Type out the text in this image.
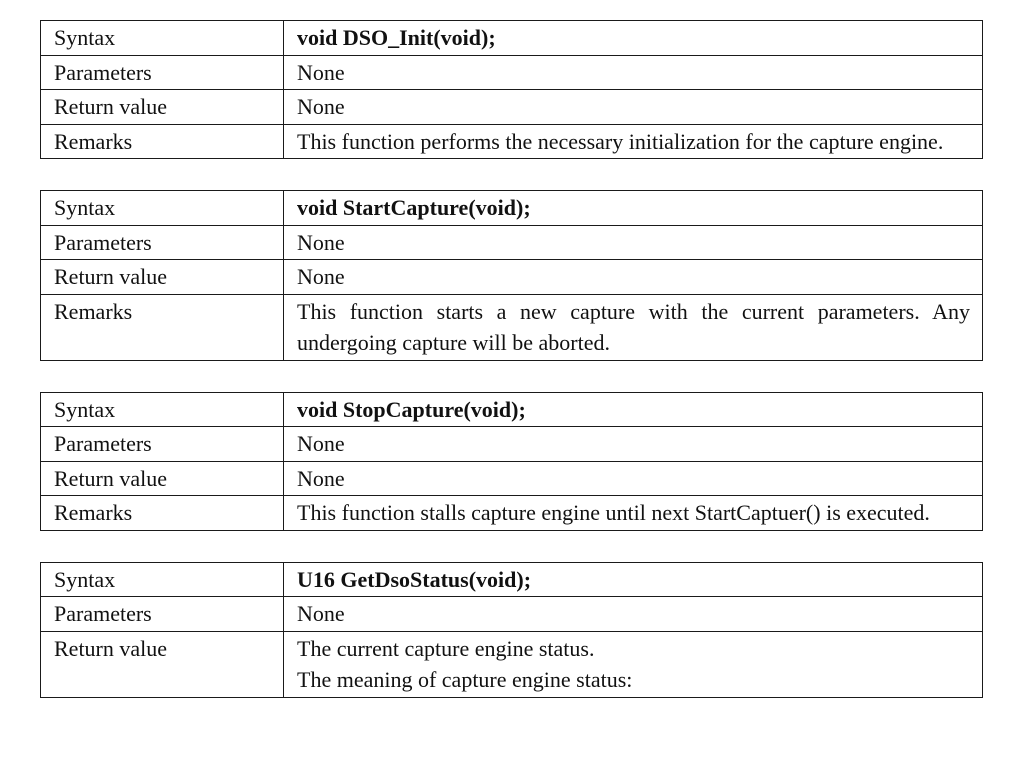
Syntax	void DSO_Init(void);
Parameters	None
Return value	None
Remarks	This function performs the necessary initialization for the capture engine.
Syntax	void StartCapture(void);
Parameters	None
Return value	None
Remarks	This function starts a new capture with the current parameters. Any undergoing capture will be aborted.
Syntax	void StopCapture(void);
Parameters	None
Return value	None
Remarks	This function stalls capture engine until next StartCaptuer() is executed.
Syntax	U16 GetDsoStatus(void);
Parameters	None
Return value	The current capture engine status.
The meaning of capture engine status:
